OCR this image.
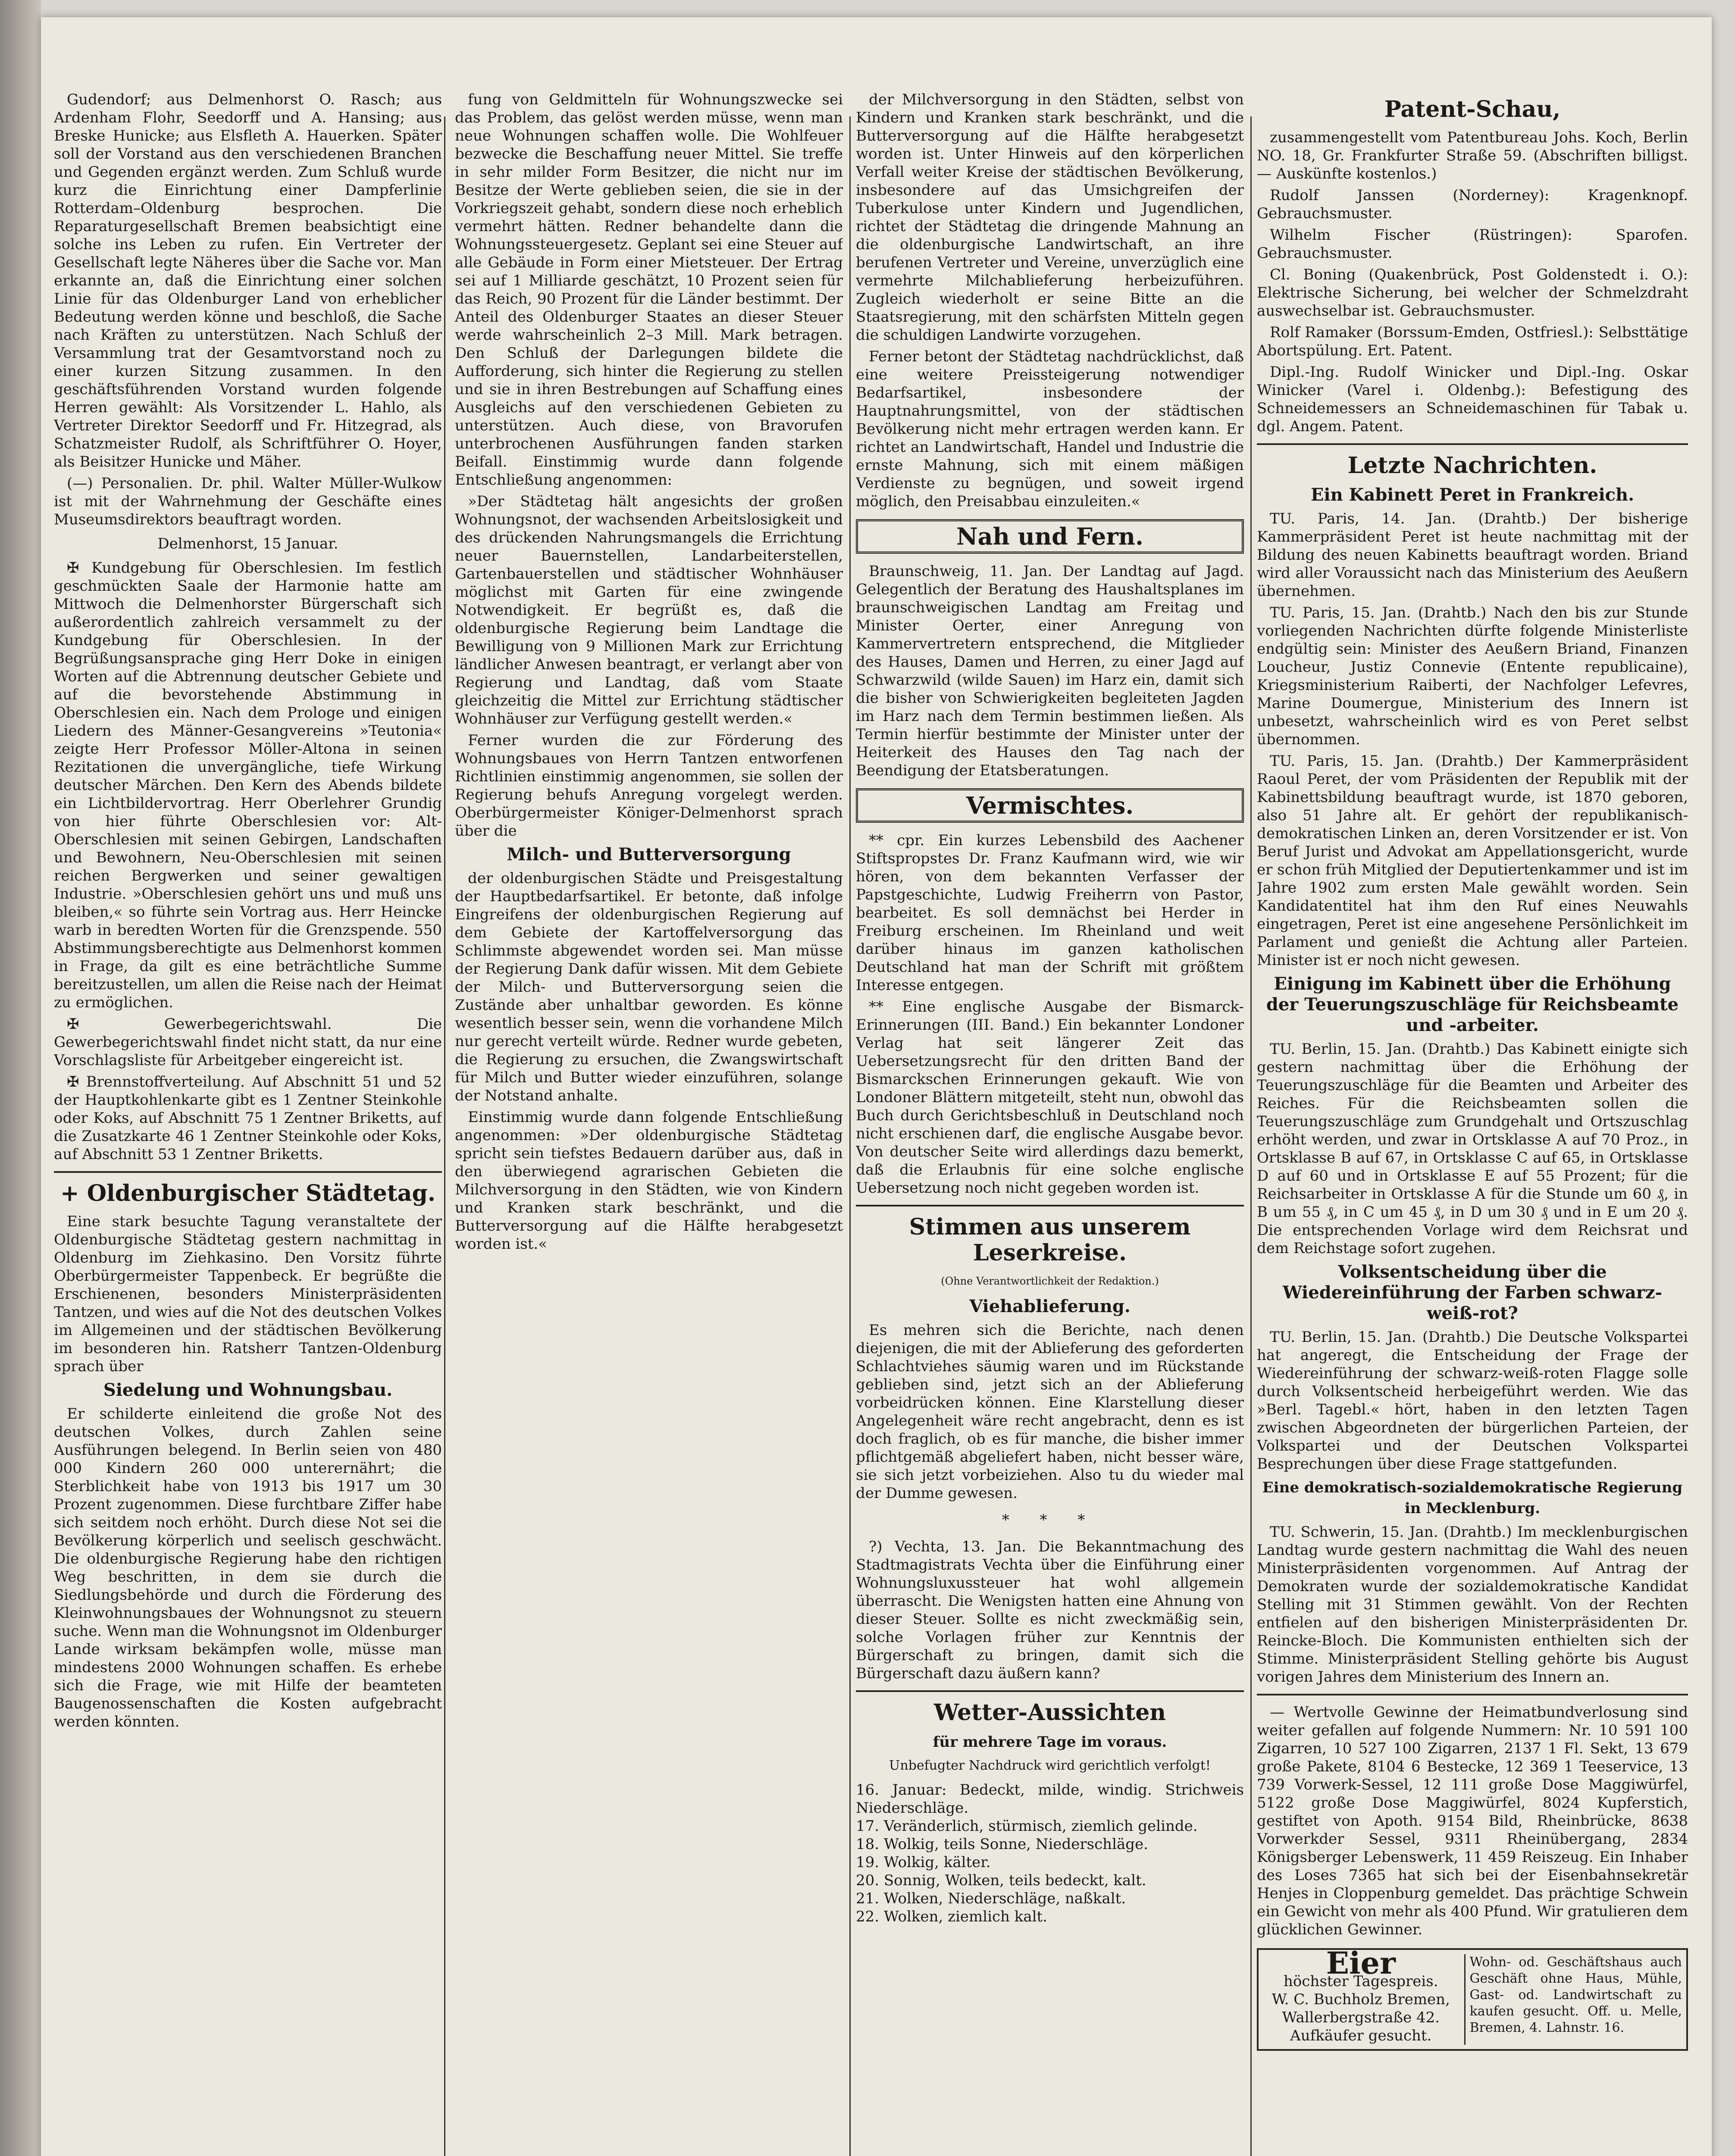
Gudendorf; aus Delmenhorst O. Rasch; aus Ardenham Flohr, Seedorff und A. Hansing; aus Breske Hunicke; aus Elsfleth A. Hauerken. Später soll der Vorstand aus den verschiedenen Branchen und Gegenden ergänzt werden. Zum Schluß wurde kurz die Einrichtung einer Dampferlinie Rotterdam–Oldenburg besprochen. Die Reparaturgesellschaft Bremen beabsichtigt eine solche ins Leben zu rufen. Ein Vertreter der Gesellschaft legte Näheres über die Sache vor. Man erkannte an, daß die Einrichtung einer solchen Linie für das Oldenburger Land von erheblicher Bedeutung werden könne und beschloß, die Sache nach Kräften zu unterstützen. Nach Schluß der Versammlung trat der Gesamtvorstand noch zu einer kurzen Sitzung zusammen. In den geschäftsführenden Vorstand wurden folgende Herren gewählt: Als Vorsitzender L. Hahlo, als Vertreter Direktor Seedorff und Fr. Hitzegrad, als Schatzmeister Rudolf, als Schriftführer O. Hoyer, als Beisitzer Hunicke und Mäher.

(—) Personalien. Dr. phil. Walter Müller-Wulkow ist mit der Wahrnehmung der Geschäfte eines Museumsdirektors beauftragt worden.

Delmenhorst, 15 Januar.

✠ Kundgebung für Oberschlesien. Im festlich geschmückten Saale der Harmonie hatte am Mittwoch die Delmenhorster Bürgerschaft sich außerordentlich zahlreich versammelt zu der Kundgebung für Oberschlesien. In der Begrüßungsansprache ging Herr Doke in einigen Worten auf die Abtrennung deutscher Gebiete und auf die bevorstehende Abstimmung in Oberschlesien ein. Nach dem Prologe und einigen Liedern des Männer-Gesangvereins »Teutonia« zeigte Herr Professor Möller-Altona in seinen Rezitationen die unvergängliche, tiefe Wirkung deutscher Märchen. Den Kern des Abends bildete ein Lichtbildervortrag. Herr Oberlehrer Grundig von hier führte Oberschlesien vor: Alt-Oberschlesien mit seinen Gebirgen, Landschaften und Bewohnern, Neu-Oberschlesien mit seinen reichen Bergwerken und seiner gewaltigen Industrie. »Oberschlesien gehört uns und muß uns bleiben,« so führte sein Vortrag aus. Herr Heincke warb in beredten Worten für die Grenzspende. 550 Abstimmungsberechtigte aus Delmenhorst kommen in Frage, da gilt es eine beträchtliche Summe bereitzustellen, um allen die Reise nach der Heimat zu ermöglichen.

✠ Gewerbegerichtswahl. Die Gewerbegerichtswahl findet nicht statt, da nur eine Vorschlagsliste für Arbeitgeber eingereicht ist.

✠ Brennstoffverteilung. Auf Abschnitt 51 und 52 der Hauptkohlenkarte gibt es 1 Zentner Steinkohle oder Koks, auf Abschnitt 75 1 Zentner Briketts, auf die Zusatzkarte 46 1 Zentner Steinkohle oder Koks, auf Abschnitt 53 1 Zentner Briketts.

+ Oldenburgischer Städtetag.

Eine stark besuchte Tagung veranstaltete der Oldenburgische Städtetag gestern nachmittag in Oldenburg im Ziehkasino. Den Vorsitz führte Oberbürgermeister Tappenbeck. Er begrüßte die Erschienenen, besonders Ministerpräsidenten Tantzen, und wies auf die Not des deutschen Volkes im Allgemeinen und der städtischen Bevölkerung im besonderen hin. Ratsherr Tantzen-Oldenburg sprach über

Siedelung und Wohnungsbau.

Er schilderte einleitend die große Not des deutschen Volkes, durch Zahlen seine Ausführungen belegend. In Berlin seien von 480 000 Kindern 260 000 unterernährt; die Sterblichkeit habe von 1913 bis 1917 um 30 Prozent zugenommen. Diese furchtbare Ziffer habe sich seitdem noch erhöht. Durch diese Not sei die Bevölkerung körperlich und seelisch geschwächt. Die oldenburgische Regierung habe den richtigen Weg beschritten, in dem sie durch die Siedlungsbehörde und durch die Förderung des Kleinwohnungsbaues der Wohnungsnot zu steuern suche. Wenn man die Wohnungsnot im Oldenburger Lande wirksam bekämpfen wolle, müsse man mindestens 2000 Wohnungen schaffen. Es erhebe sich die Frage, wie mit Hilfe der beamteten Baugenossenschaften die Kosten aufgebracht werden könnten.

fung von Geldmitteln für Wohnungszwecke sei das Problem, das gelöst werden müsse, wenn man neue Wohnungen schaffen wolle. Die Wohlfeuer bezwecke die Beschaffung neuer Mittel. Sie treffe in sehr milder Form Besitzer, die nicht nur im Besitze der Werte geblieben seien, die sie in der Vorkriegszeit gehabt, sondern diese noch erheblich vermehrt hätten. Redner behandelte dann die Wohnungssteuergesetz. Geplant sei eine Steuer auf alle Gebäude in Form einer Mietsteuer. Der Ertrag sei auf 1 Milliarde geschätzt, 10 Prozent seien für das Reich, 90 Prozent für die Länder bestimmt. Der Anteil des Oldenburger Staates an dieser Steuer werde wahrscheinlich 2–3 Mill. Mark betragen. Den Schluß der Darlegungen bildete die Aufforderung, sich hinter die Regierung zu stellen und sie in ihren Bestrebungen auf Schaffung eines Ausgleichs auf den verschiedenen Gebieten zu unterstützen. Auch diese, von Bravorufen unterbrochenen Ausführungen fanden starken Beifall. Einstimmig wurde dann folgende Entschließung angenommen:

»Der Städtetag hält angesichts der großen Wohnungsnot, der wachsenden Arbeitslosigkeit und des drückenden Nahrungsmangels die Errichtung neuer Bauernstellen, Landarbeiterstellen, Gartenbauerstellen und städtischer Wohnhäuser möglichst mit Garten für eine zwingende Notwendigkeit. Er begrüßt es, daß die oldenburgische Regierung beim Landtage die Bewilligung von 9 Millionen Mark zur Errichtung ländlicher Anwesen beantragt, er verlangt aber von Regierung und Landtag, daß vom Staate gleichzeitig die Mittel zur Errichtung städtischer Wohnhäuser zur Verfügung gestellt werden.«

Ferner wurden die zur Förderung des Wohnungsbaues von Herrn Tantzen entworfenen Richtlinien einstimmig angenommen, sie sollen der Regierung behufs Anregung vorgelegt werden. Oberbürgermeister Königer-Delmenhorst sprach über die

Milch- und Butterversorgung

der oldenburgischen Städte und Preisgestaltung der Hauptbedarfsartikel. Er betonte, daß infolge Eingreifens der oldenburgischen Regierung auf dem Gebiete der Kartoffelversorgung das Schlimmste abgewendet worden sei. Man müsse der Regierung Dank dafür wissen. Mit dem Gebiete der Milch- und Butterversorgung seien die Zustände aber unhaltbar geworden. Es könne wesentlich besser sein, wenn die vorhandene Milch nur gerecht verteilt würde. Redner wurde gebeten, die Regierung zu ersuchen, die Zwangswirtschaft für Milch und Butter wieder einzuführen, solange der Notstand anhalte.

Einstimmig wurde dann folgende Entschließung angenommen: »Der oldenburgische Städtetag spricht sein tiefstes Bedauern darüber aus, daß in den überwiegend agrarischen Gebieten die Milchversorgung in den Städten, wie von Kindern und Kranken stark beschränkt, und die Butterversorgung auf die Hälfte herabgesetzt worden ist.«

der Milchversorgung in den Städten, selbst von Kindern und Kranken stark beschränkt, und die Butterversorgung auf die Hälfte herabgesetzt worden ist. Unter Hinweis auf den körperlichen Verfall weiter Kreise der städtischen Bevölkerung, insbesondere auf das Umsichgreifen der Tuberkulose unter Kindern und Jugendlichen, richtet der Städtetag die dringende Mahnung an die oldenburgische Landwirtschaft, an ihre berufenen Vertreter und Vereine, unverzüglich eine vermehrte Milchablieferung herbeizuführen. Zugleich wiederholt er seine Bitte an die Staatsregierung, mit den schärfsten Mitteln gegen die schuldigen Landwirte vorzugehen.

Ferner betont der Städtetag nachdrücklichst, daß eine weitere Preissteigerung notwendiger Bedarfsartikel, insbesondere der Hauptnahrungsmittel, von der städtischen Bevölkerung nicht mehr ertragen werden kann. Er richtet an Landwirtschaft, Handel und Industrie die ernste Mahnung, sich mit einem mäßigen Verdienste zu begnügen, und soweit irgend möglich, den Preisabbau einzuleiten.«

Nah und Fern.

Braunschweig, 11. Jan. Der Landtag auf Jagd. Gelegentlich der Beratung des Haushaltsplanes im braunschweigischen Landtag am Freitag und Minister Oerter, einer Anregung von Kammervertretern entsprechend, die Mitglieder des Hauses, Damen und Herren, zu einer Jagd auf Schwarzwild (wilde Sauen) im Harz ein, damit sich die bisher von Schwierigkeiten begleiteten Jagden im Harz nach dem Termin bestimmen ließen. Als Termin hierfür bestimmte der Minister unter der Heiterkeit des Hauses den Tag nach der Beendigung der Etatsberatungen.

Vermischtes.

** cpr. Ein kurzes Lebensbild des Aachener Stiftspropstes Dr. Franz Kaufmann wird, wie wir hören, von dem bekannten Verfasser der Papstgeschichte, Ludwig Freiherrn von Pastor, bearbeitet. Es soll demnächst bei Herder in Freiburg erscheinen. Im Rheinland und weit darüber hinaus im ganzen katholischen Deutschland hat man der Schrift mit größtem Interesse entgegen.

** Eine englische Ausgabe der Bismarck-Erinnerungen (III. Band.) Ein bekannter Londoner Verlag hat seit längerer Zeit das Uebersetzungsrecht für den dritten Band der Bismarckschen Erinnerungen gekauft. Wie von Londoner Blättern mitgeteilt, steht nun, obwohl das Buch durch Gerichtsbeschluß in Deutschland noch nicht erschienen darf, die englische Ausgabe bevor. Von deutscher Seite wird allerdings dazu bemerkt, daß die Erlaubnis für eine solche englische Uebersetzung noch nicht gegeben worden ist.

Stimmen aus unserem Leserkreise.
(Ohne Verantwortlichkeit der Redaktion.)
Viehablieferung.

Es mehren sich die Berichte, nach denen diejenigen, die mit der Ablieferung des geforderten Schlachtviehes säumig waren und im Rückstande geblieben sind, jetzt sich an der Ablieferung vorbeidrücken können. Eine Klarstellung dieser Angelegenheit wäre recht angebracht, denn es ist doch fraglich, ob es für manche, die bisher immer pflichtgemäß abgeliefert haben, nicht besser wäre, sie sich jetzt vorbeiziehen. Also tu du wieder mal der Dumme gewesen.

* * *

?) Vechta, 13. Jan. Die Bekanntmachung des Stadtmagistrats Vechta über die Einführung einer Wohnungsluxussteuer hat wohl allgemein überrascht. Die Wenigsten hatten eine Ahnung von dieser Steuer. Sollte es nicht zweckmäßig sein, solche Vorlagen früher zur Kenntnis der Bürgerschaft zu bringen, damit sich die Bürgerschaft dazu äußern kann?

Wetter-Aussichten
für mehrere Tage im voraus.
Unbefugter Nachdruck wird gerichtlich verfolgt!
16. Januar: Bedeckt, milde, windig. Strichweis Niederschläge.
17. Veränderlich, stürmisch, ziemlich gelinde.
18. Wolkig, teils Sonne, Niederschläge.
19. Wolkig, kälter.
20. Sonnig, Wolken, teils bedeckt, kalt.
21. Wolken, Niederschläge, naßkalt.
22. Wolken, ziemlich kalt.
Patent-Schau,

zusammengestellt vom Patentbureau Johs. Koch, Berlin NO. 18, Gr. Frankfurter Straße 59. (Abschriften billigst. — Auskünfte kostenlos.)

Rudolf Janssen (Norderney): Kragenknopf. Gebrauchsmuster.

Wilhelm Fischer (Rüstringen): Sparofen. Gebrauchsmuster.

Cl. Boning (Quakenbrück, Post Goldenstedt i. O.): Elektrische Sicherung, bei welcher der Schmelzdraht auswechselbar ist. Gebrauchsmuster.

Rolf Ramaker (Borssum-Emden, Ostfriesl.): Selbsttätige Abortspülung. Ert. Patent.

Dipl.-Ing. Rudolf Winicker und Dipl.-Ing. Oskar Winicker (Varel i. Oldenbg.): Befestigung des Schneidemessers an Schneidemaschinen für Tabak u. dgl. Angem. Patent.

Letzte Nachrichten.
Ein Kabinett Peret in Frankreich.

TU. Paris, 14. Jan. (Drahtb.) Der bisherige Kammerpräsident Peret ist heute nachmittag mit der Bildung des neuen Kabinetts beauftragt worden. Briand wird aller Voraussicht nach das Ministerium des Aeußern übernehmen.

TU. Paris, 15. Jan. (Drahtb.) Nach den bis zur Stunde vorliegenden Nachrichten dürfte folgende Ministerliste endgültig sein: Minister des Aeußern Briand, Finanzen Loucheur, Justiz Connevie (Entente republicaine), Kriegsministerium Raiberti, der Nachfolger Lefevres, Marine Doumergue, Ministerium des Innern ist unbesetzt, wahrscheinlich wird es von Peret selbst übernommen.

TU. Paris, 15. Jan. (Drahtb.) Der Kammerpräsident Raoul Peret, der vom Präsidenten der Republik mit der Kabinettsbildung beauftragt wurde, ist 1870 geboren, also 51 Jahre alt. Er gehört der republikanisch-demokratischen Linken an, deren Vorsitzender er ist. Von Beruf Jurist und Advokat am Appellationsgericht, wurde er schon früh Mitglied der Deputiertenkammer und ist im Jahre 1902 zum ersten Male gewählt worden. Sein Kandidatentitel hat ihm den Ruf eines Neuwahls eingetragen, Peret ist eine angesehene Persönlichkeit im Parlament und genießt die Achtung aller Parteien. Minister ist er noch nicht gewesen.

Einigung im Kabinett über die Erhöhung der Teuerungszuschläge für Reichsbeamte und -arbeiter.

TU. Berlin, 15. Jan. (Drahtb.) Das Kabinett einigte sich gestern nachmittag über die Erhöhung der Teuerungszuschläge für die Beamten und Arbeiter des Reiches. Für die Reichsbeamten sollen die Teuerungszuschläge zum Grundgehalt und Ortszuschlag erhöht werden, und zwar in Ortsklasse A auf 70 Proz., in Ortsklasse B auf 67, in Ortsklasse C auf 65, in Ortsklasse D auf 60 und in Ortsklasse E auf 55 Prozent; für die Reichsarbeiter in Ortsklasse A für die Stunde um 60 ₰, in B um 55 ₰, in C um 45 ₰, in D um 30 ₰ und in E um 20 ₰. Die entsprechenden Vorlage wird dem Reichsrat und dem Reichstage sofort zugehen.

Volksentscheidung über die Wiedereinführung der Farben schwarz-weiß-rot?

TU. Berlin, 15. Jan. (Drahtb.) Die Deutsche Volkspartei hat angeregt, die Entscheidung der Frage der Wiedereinführung der schwarz-weiß-roten Flagge solle durch Volksentscheid herbeigeführt werden. Wie das »Berl. Tagebl.« hört, haben in den letzten Tagen zwischen Abgeordneten der bürgerlichen Parteien, der Volkspartei und der Deutschen Volkspartei Besprechungen über diese Frage stattgefunden.

Eine demokratisch-sozialdemokratische Regierung in Mecklenburg.

TU. Schwerin, 15. Jan. (Drahtb.) Im mecklenburgischen Landtag wurde gestern nachmittag die Wahl des neuen Ministerpräsidenten vorgenommen. Auf Antrag der Demokraten wurde der sozialdemokratische Kandidat Stelling mit 31 Stimmen gewählt. Von der Rechten entfielen auf den bisherigen Ministerpräsidenten Dr. Reincke-Bloch. Die Kommunisten enthielten sich der Stimme. Ministerpräsident Stelling gehörte bis August vorigen Jahres dem Ministerium des Innern an.

— Wertvolle Gewinne der Heimatbundverlosung sind weiter gefallen auf folgende Nummern: Nr. 10 591 100 Zigarren, 10 527 100 Zigarren, 2137 1 Fl. Sekt, 13 679 große Pakete, 8104 6 Bestecke, 12 369 1 Teeservice, 13 739 Vorwerk-Sessel, 12 111 große Dose Maggiwürfel, 5122 große Dose Maggiwürfel, 8024 Kupferstich, gestiftet von Apoth. 9154 Bild, Rheinbrücke, 8638 Vorwerkder Sessel, 9311 Rheinübergang, 2834 Königsberger Lebenswerk, 11 459 Reiszeug. Ein Inhaber des Loses 7365 hat sich bei der Eisenbahnsekretär Henjes in Cloppenburg gemeldet. Das prächtige Schwein ein Gewicht von mehr als 400 Pfund. Wir gratulieren dem glücklichen Gewinner.

Eier
höchster Tagespreis.
W. C. Buchholz Bremen, Wallerbergstraße 42.
Aufkäufer gesucht.
Wohn- od. Geschäftshaus auch Geschäft ohne Haus, Mühle, Gast- od. Landwirtschaft zu kaufen gesucht. Off. u. Melle, Bremen, 4. Lahnstr. 16.
